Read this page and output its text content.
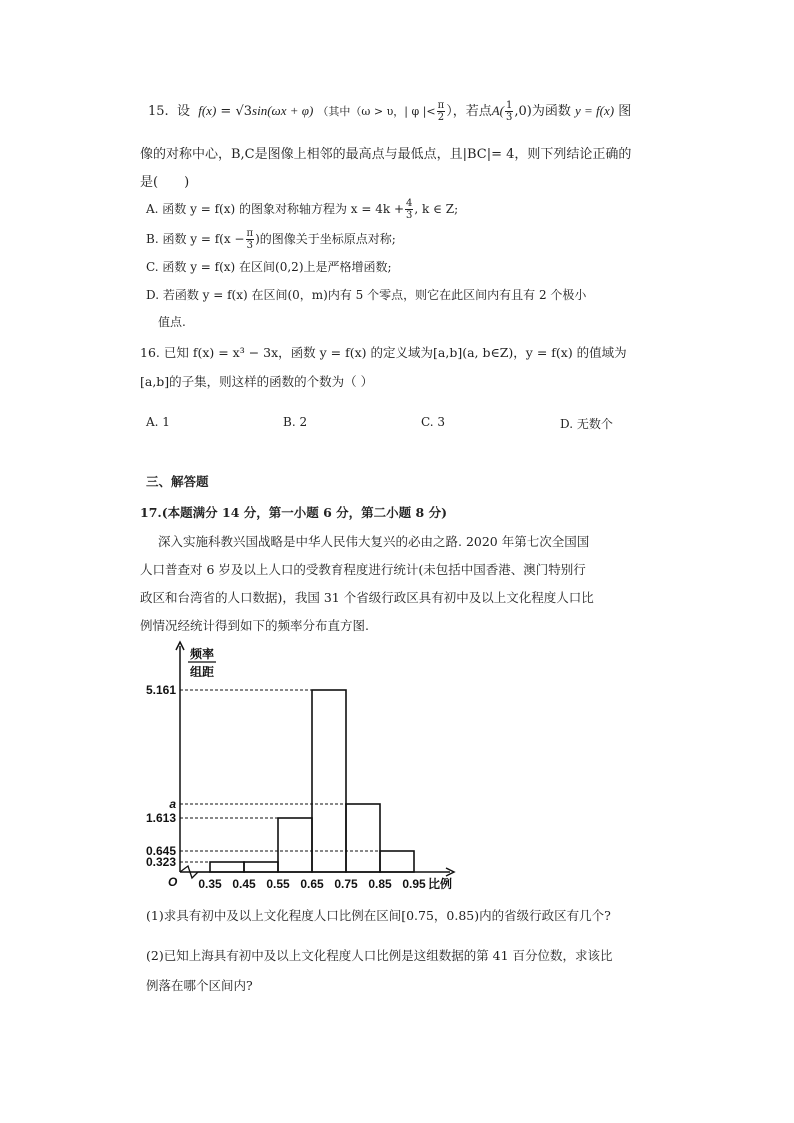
15. 设 f(x) = √3sin(ωx + φ) （其中（ω > υ，| φ |< $\frac{\pi}{2}$ ），若点$A( \frac{1}{3} ,0)$为函数 y = f(x) 图
像的对称中心，B,C是图像上相邻的最高点与最低点，且|BC|= 4，则下列结论正确的
是( )
A. 函数 y = f(x) 的图象对称轴方程为 $x = 4k + \frac{4}{3}$ , k ∈ Z;
B. 函数 $y = f(x - \frac{\pi}{3}$ )的图像关于坐标原点对称;
C. 函数 y = f(x) 在区间(0,2)上是严格增函数;
D. 若函数 y = f(x) 在区间(0，m)内有 5 个零点，则它在此区间内有且有 2 个极小
值点.
16. 已知 f(x) = x³ − 3x，函数 y = f(x) 的定义域为[a,b](a, b∈Z)，y = f(x) 的值域为
[a,b]的子集，则这样的函数的个数为（ ）
A. 1	B. 2	C. 3	D. 无数个
三、解答题
17.(本题满分 14 分，第一小题 6 分，第二小题 8 分)
深入实施科教兴国战略是中华人民伟大复兴的必由之路. 2020 年第七次全国国
人口普查对 6 岁及以上人口的受教育程度进行统计(未包括中国香港、澳门特别行
政区和台湾省的人口数据)，我国 31 个省级行政区具有初中及以上文化程度人口比
例情况经统计得到如下的频率分布直方图.
5.161
a
1.613
0.645
0.323
0.35 0.45 0.55 0.65 0.75 0.85 0.95 比例
O
频率
组距
(1)求具有初中及以上文化程度人口比例在区间[0.75，0.85)内的省级行政区有几个?
(2)已知上海具有初中及以上文化程度人口比例是这组数据的第 41 百分位数，求该比
例落在哪个区间内?
